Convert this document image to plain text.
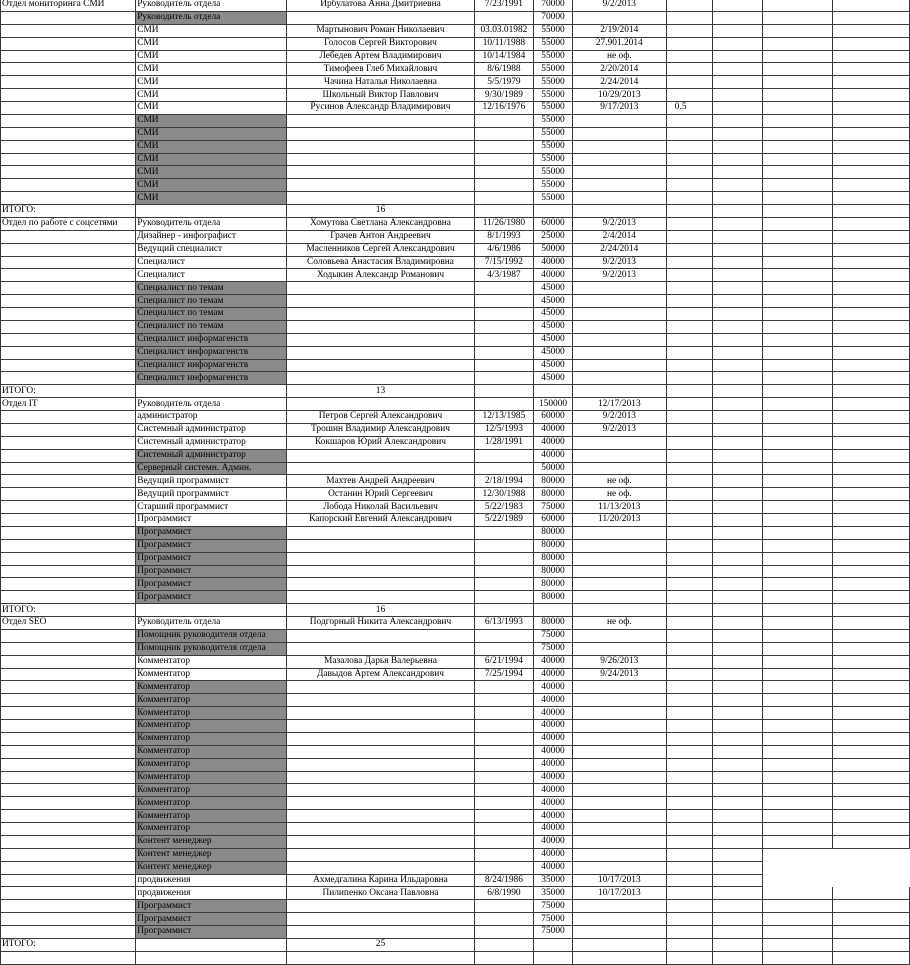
Отдел мониторинга СМИ	Руководитель отдела	Ирбулатова Анна Дмитриевна	7/23/1991	70000	9/2/2013				
	Руководитель отдела			70000					
	СМИ	Мартынович Роман Николаевич	03.03.01982	55000	2/19/2014				
	СМИ	Голосов Сергей Викторович	10/11/1988	55000	27.901.2014				
	СМИ	Лебедев Артем Владимирович	10/14/1984	55000	не оф.				
	СМИ	Тимофеев Глеб Михайлович	8/6/1988	55000	2/20/2014				
	СМИ	Чачина Наталья Николаевна	5/5/1979	55000	2/24/2014				
	СМИ	Школьный Виктор Павлович	9/30/1989	55000	10/29/2013				
	СМИ	Русинов Александр Владимирович	12/16/1976	55000	9/17/2013	0.5			
	СМИ			55000					
	СМИ			55000					
	СМИ			55000					
	СМИ			55000					
	СМИ			55000					
	СМИ			55000					
	СМИ			55000					
ИТОГО:		16							
Отдел по работе с соцсетями	Руководитель отдела	Хомутова Светлана Александровна	11/26/1980	60000	9/2/2013				
	Дизайнер - инфографист	Грачев Антон Андреевич	8/1/1993	25000	2/4/2014				
	Ведущий специалист	Масленников Сергей Александрович	4/6/1986	50000	2/24/2014				
	Специалист	Соловьева Анастасия Владимировна	7/15/1992	40000	9/2/2013				
	Специалист	Ходыкин Александр Романович	4/3/1987	40000	9/2/2013				
	Специалист по темам			45000					
	Специалист по темам			45000					
	Специалист по темам			45000					
	Специалист по темам			45000					
	Специалист информагенств			45000					
	Специалист информагенств			45000					
	Специалист информагенств			45000					
	Специалист информагенств			45000					
ИТОГО:		13							
Отдел IT	Руководитель отдела			150000	12/17/2013				
	администратор	Петров Сергей Александрович	12/13/1985	60000	9/2/2013				
	Системный администратор	Трошин Владимир Александрович	12/5/1993	40000	9/2/2013				
	Системный администратор	Кокшаров Юрий Александрович	1/28/1991	40000					
	Системный администратор			40000					
	Серверный системн. Админ.			50000					
	Ведущий программист	Махтев Андрей Андреевич	2/18/1994	80000	не оф.				
	Ведущий программист	Останин Юрий Сергеевич	12/30/1988	80000	не оф.				
	Старший программист	Лобода Николай Васильевич	5/22/1983	75000	11/13/2013				
	Программист	Капорский Евгений Александрович	5/22/1989	60000	11/20/2013				
	Программист			80000					
	Программист			80000					
	Программист			80000					
	Программист			80000					
	Программист			80000					
	Программист			80000					
ИТОГО:		16							
Отдел SEO	Руководитель отдела	Подгорный Никита Александрович	6/13/1993	80000	не оф.				
	Помощник руководителя отдела			75000					
	Помощник руководителя отдела			75000					
	Комментатор	Мазалова Дарья Валерьевна	6/21/1994	40000	9/26/2013				
	Комментатор	Давыдов Артем Александрович	7/25/1994	40000	9/24/2013				
	Комментатор			40000					
	Комментатор			40000					
	Комментатор			40000					
	Комментатор			40000					
	Комментатор			40000					
	Комментатор			40000					
	Комментатор			40000					
	Комментатор			40000					
	Комментатор			40000					
	Комментатор			40000					
	Комментатор			40000					
	Комментатор			40000					
	Контент менеджер			40000					
	Контент менеджер			40000					
	Контент менеджер			40000					
	продвижения	Ахмедгалина Карина Ильдаровна	8/24/1986	35000	10/17/2013				
	продвижения	Пилипенко Оксана Павловна	6/8/1990	35000	10/17/2013				
	Программист			75000					
	Программист			75000					
	Программист			75000					
ИТОГО:		25							
